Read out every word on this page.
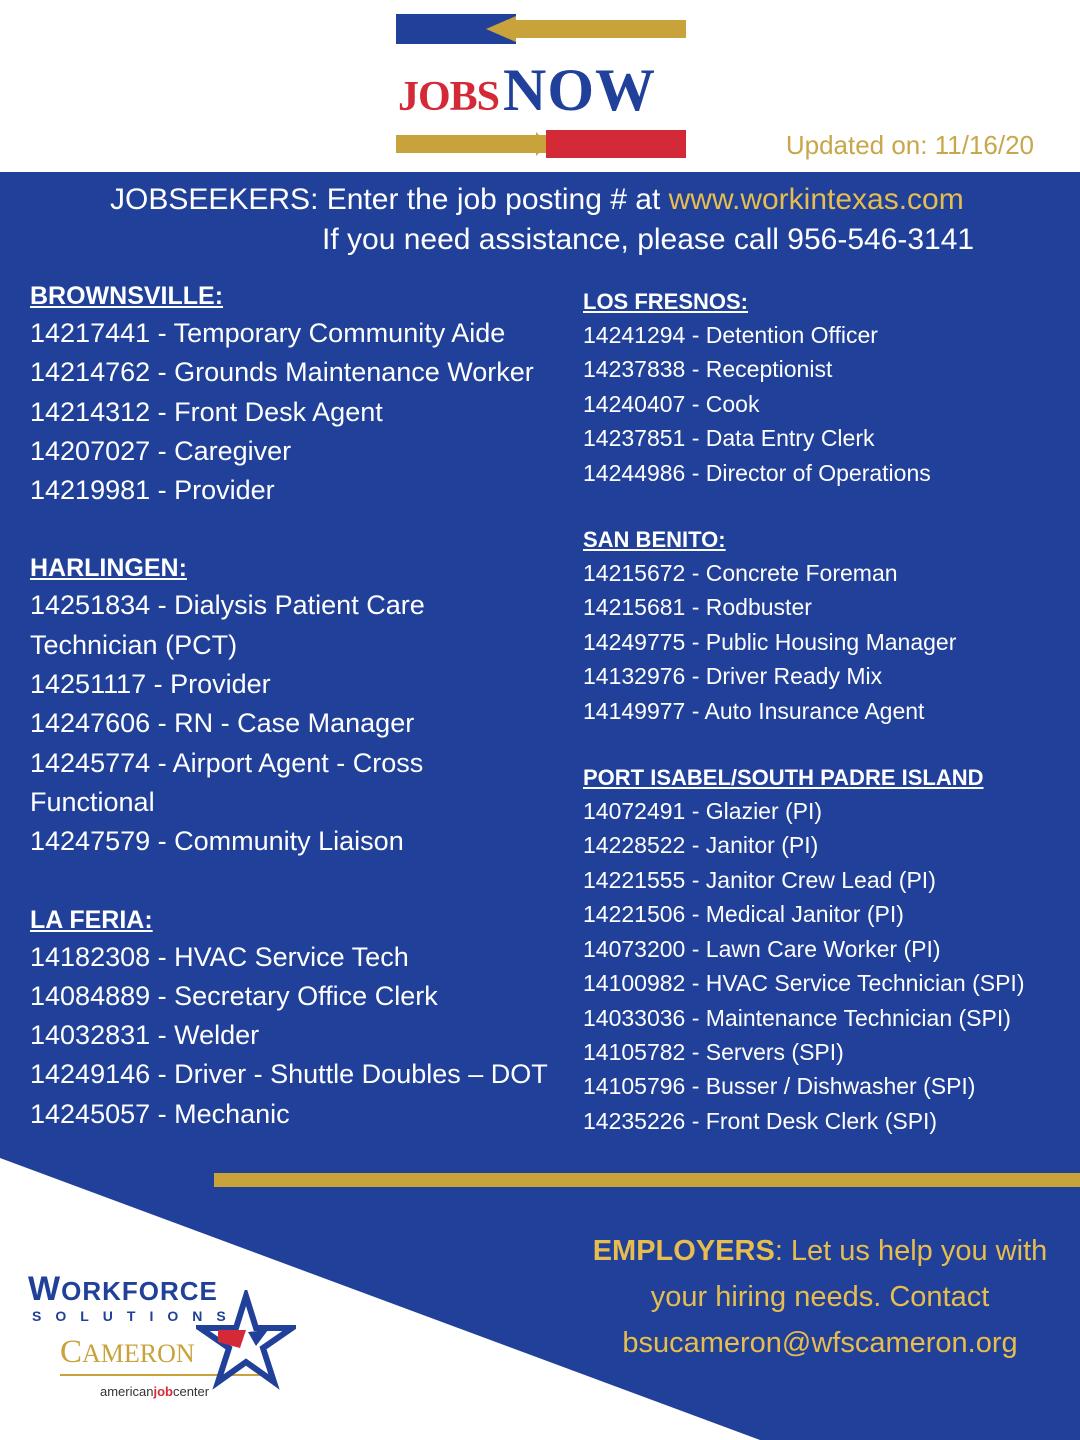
JOBS NOW
Updated on: 11/16/20
JOBSEEKERS: Enter the job posting # at www.workintexas.com
If you need assistance, please call 956-546-3141
BROWNSVILLE:
14217441 - Temporary Community Aide
14214762 - Grounds Maintenance Worker
14214312 - Front Desk Agent
14207027 - Caregiver
14219981 - Provider
HARLINGEN:
14251834 - Dialysis Patient Care Technician (PCT)
14251117 - Provider
14247606 - RN - Case Manager
14245774 - Airport Agent - Cross Functional
14247579 - Community Liaison
LA FERIA:
14182308 - HVAC Service Tech
14084889 - Secretary Office Clerk
14032831 - Welder
14249146 - Driver - Shuttle Doubles – DOT
14245057 - Mechanic
LOS FRESNOS:
14241294 - Detention Officer
14237838 - Receptionist
14240407 - Cook
14237851 - Data Entry Clerk
14244986 - Director of Operations
SAN BENITO:
14215672 - Concrete Foreman
14215681 - Rodbuster
14249775 - Public Housing Manager
14132976 - Driver Ready Mix
14149977 - Auto Insurance Agent
PORT ISABEL/SOUTH PADRE ISLAND
14072491 - Glazier (PI)
14228522 - Janitor (PI)
14221555 - Janitor Crew Lead (PI)
14221506 - Medical Janitor (PI)
14073200 - Lawn Care Worker (PI)
14100982 - HVAC Service Technician (SPI)
14033036 - Maintenance Technician (SPI)
14105782 - Servers (SPI)
14105796 - Busser / Dishwasher (SPI)
14235226 - Front Desk Clerk (SPI)
EMPLOYERS: Let us help you with
your hiring needs. Contact
bsucameron@wfscameron.org
WORKFORCE
SOLUTIONS
CAMERON
americanjobcenter
